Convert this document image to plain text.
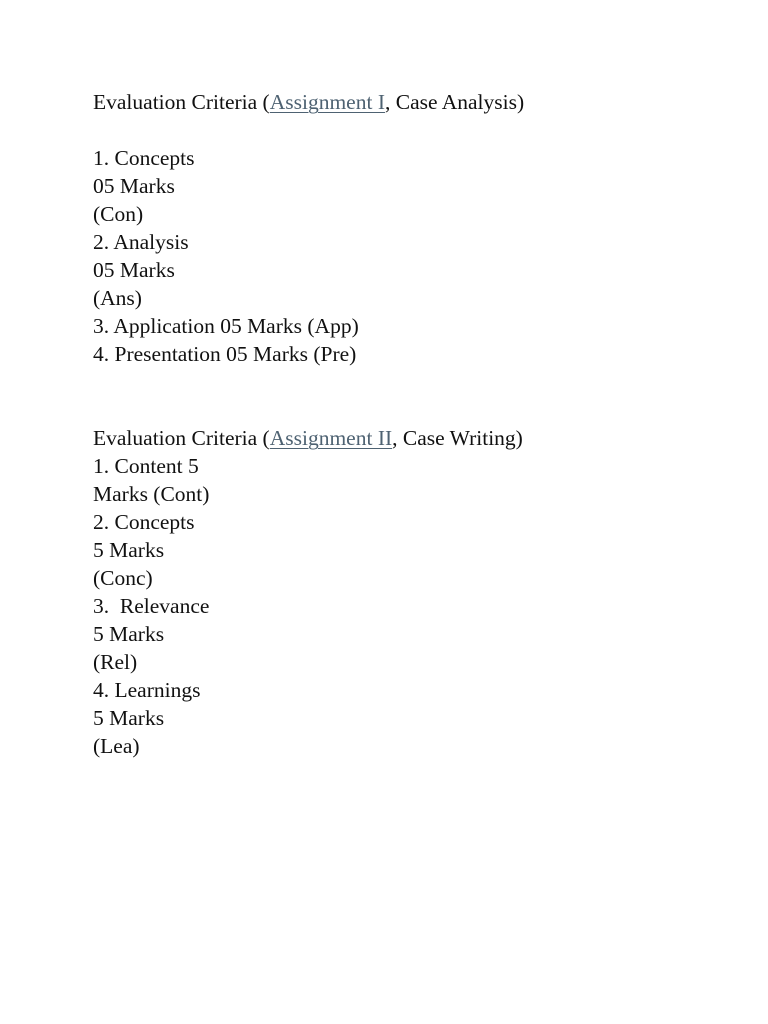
Evaluation Criteria (Assignment I, Case Analysis)
1. Concepts
05 Marks
(Con)
2. Analysis
05 Marks
(Ans)
3. Application 05 Marks (App)
4. Presentation 05 Marks (Pre)
Evaluation Criteria (Assignment II, Case Writing)
1. Content 5
Marks (Cont)
2. Concepts
5 Marks
(Conc)
3.  Relevance
5 Marks
(Rel)
4. Learnings
5 Marks
(Lea)
